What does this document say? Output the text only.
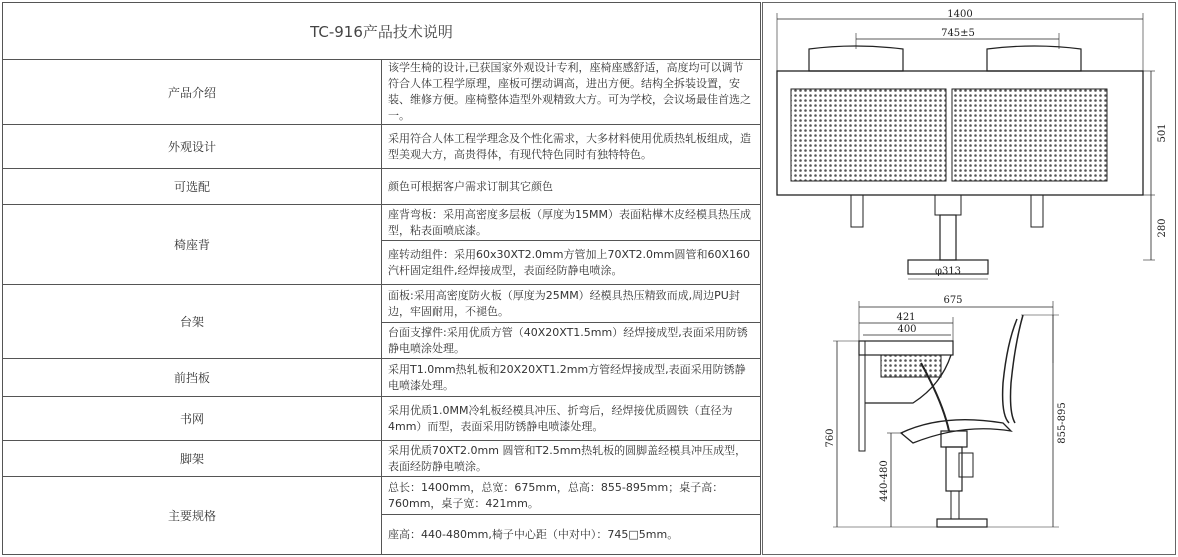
TC-916产品技术说明	
产品介绍	该学生椅的设计,已获国家外观设计专利，座椅座感舒适，高度均可以调节符合人体工程学原理，座板可摆动调高，进出方便。结构全拆装设置，安装、维修方便。座椅整体造型外观精致大方。可为学校，会议场最佳首选之一。
外观设计	采用符合人体工程学理念及个性化需求，大多材料使用优质热轧板组成，造型美观大方，高贵得体，有现代特色同时有独特特色。
可选配	颜色可根据客户需求订制其它颜色
椅座背	座背弯板：采用高密度多层板（厚度为15MM）表面粘樺木皮经模具热压成型，粘表面喷底漆。
	座转动组件：采用60x30XT2.0mm方管加上70XT2.0mm圆管和60X160汽杆固定组件,经焊接成型，表面经防静电喷涂。
台架	面板:采用高密度防火板（厚度为25MM）经模具热压精致而成,周边PU封边，牢固耐用，不褪色。
	台面支撑件:采用优质方管（40X20XT1.5mm）经焊接成型,表面采用防锈静电喷涂处理。
前挡板	采用T1.0mm热轧板和20X20XT1.2mm方管经焊接成型,表面采用防锈静电喷漆处理。
书网	采用优质1.0MM冷轧板经模具冲压、折弯后，经焊接优质圆铁（直径为4mm）而型，表面采用防锈静电喷漆处理。
脚架	采用优质70XT2.0mm 圆管和T2.5mm热轧板的圆脚盖经模具冲压成型，表面经防静电喷涂。
主要规格	总长：1400mm，总宽：675mm，总高：855-895mm；桌子高：760mm，桌子宽：421mm。
	座高：440-480mm,椅子中心距（中对中）：745□5mm。
1400
745±5
501
280
φ313
675
421
400
760	855-895
440-480
